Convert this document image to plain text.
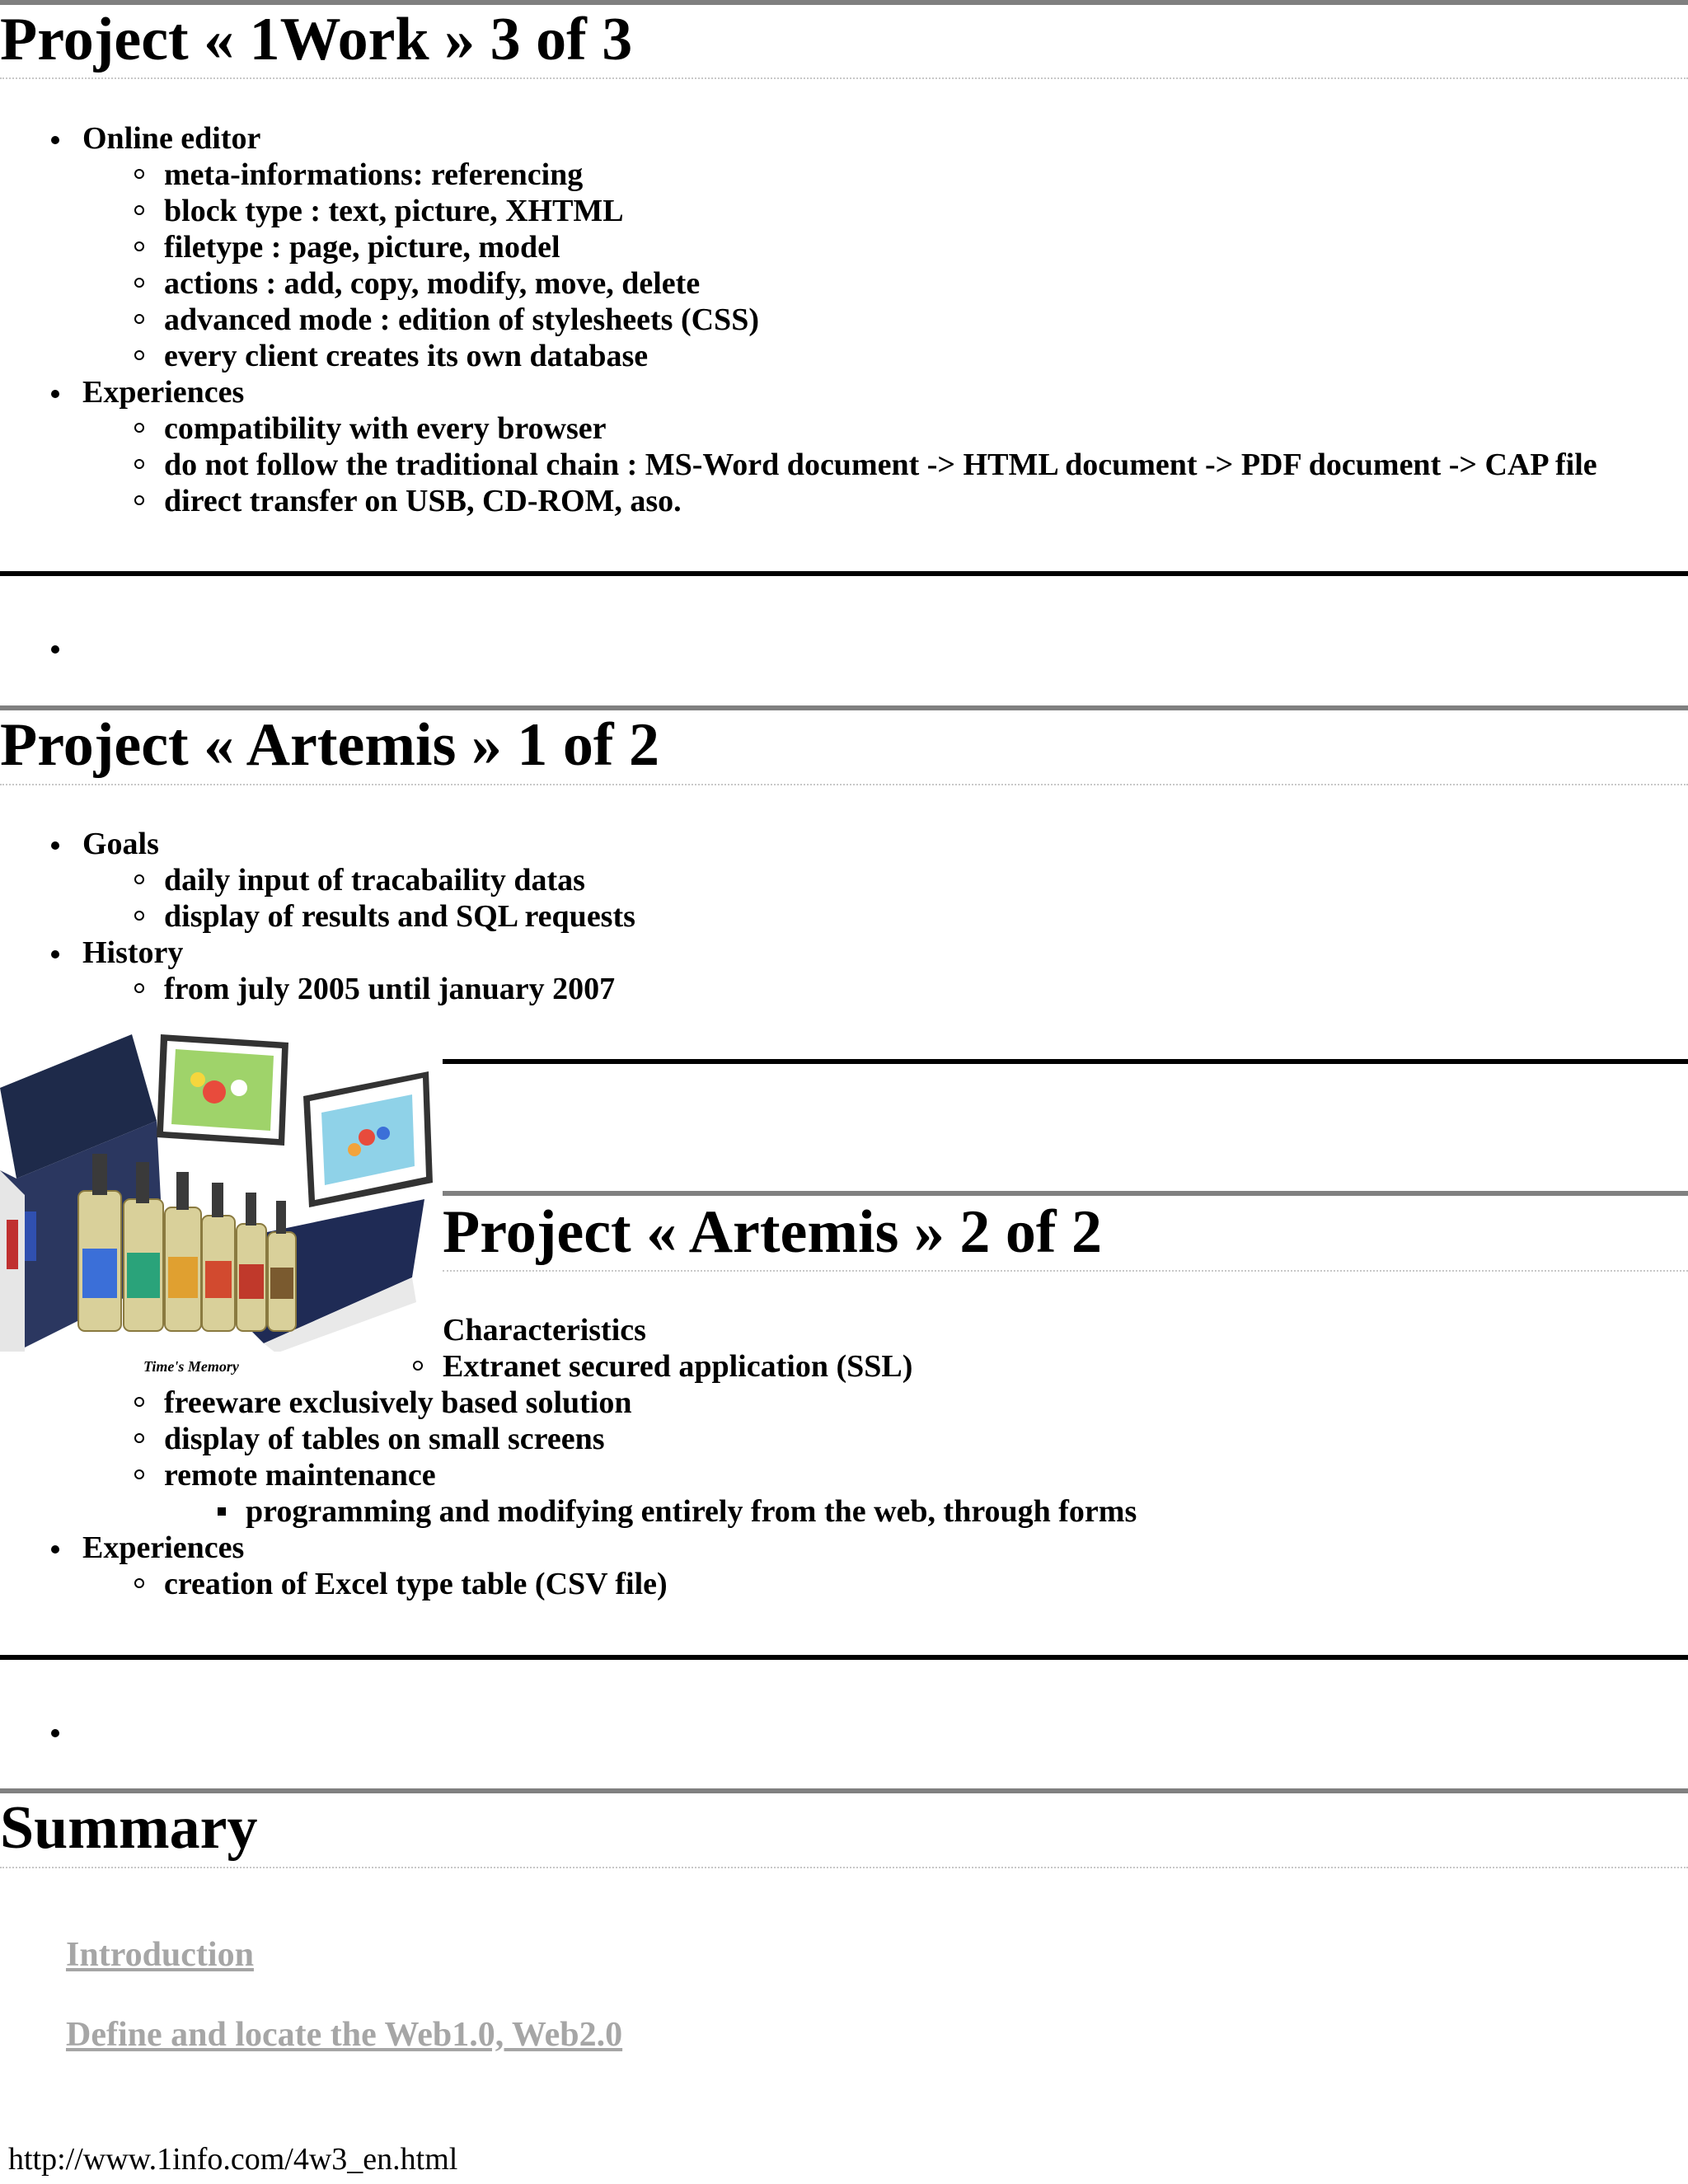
Project « 1Work » 3 of 3
Online editor
meta-informations: referencing
block type : text, picture, XHTML
filetype : page, picture, model
actions : add, copy, modify, move, delete
advanced mode : edition of stylesheets (CSS)
every client creates its own database
Experiences
compatibility with every browser
do not follow the traditional chain : MS-Word document -> HTML document -> PDF document -> CAP file
direct transfer on USB, CD-ROM, aso.
Project « Artemis » 1 of 2
Goals
daily input of tracabaility datas
display of results and SQL requests
History
from july 2005 until january 2007
Time's Memory
Project « Artemis » 2 of 2
Characteristics
Extranet secured application (SSL)
freeware exclusively based solution
display of tables on small screens
remote maintenance
programming and modifying entirely from the web, through forms
Experiences
creation of Excel type table (CSV file)
Summary
Introduction
Define and locate the Web1.0, Web2.0
http://www.1info.com/4w3_en.html
